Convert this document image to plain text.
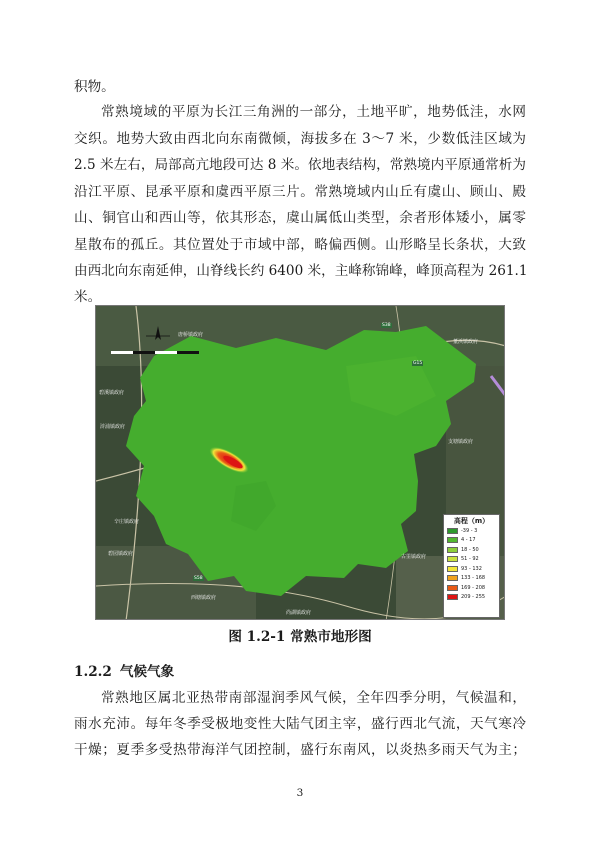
积物。
常熟境域的平原为长江三角洲的一部分，土地平旷，地势低洼，水网
交织。地势大致由西北向东南微倾，海拔多在 3～7 米，少数低洼区域为
2.5 米左右，局部高亢地段可达 8 米。依地表结构，常熟境内平原通常析为
沿江平原、昆承平原和虞西平原三片。常熟境域内山丘有虞山、顾山、殿
山、铜官山和西山等，依其形态，虞山属低山类型，余者形体矮小，属零
星散布的孤丘。其位置处于市域中部，略偏西侧。山形略呈长条状，大致
由西北向东南延伸，山脊线长约 6400 米，主峰称锦峰，峰顶高程为 261.1
米。
唐桥镇政府
董浜镇政府
碧溪镇政府
浒浦镇政府
支塘镇政府
辛庄镇政府
碧园镇政府
西塘镇政府
古里镇政府
尚湖镇政府
S38
G15
S58
高程（m）
-39 - 3
4 - 17
18 - 50
51 - 92
93 - 132
133 - 168
169 - 208
209 - 255
图 1.2-1 常熟市地形图
1.2.2 气候气象
常熟地区属北亚热带南部湿润季风气候，全年四季分明，气候温和，
雨水充沛。每年冬季受极地变性大陆气团主宰，盛行西北气流，天气寒冷
干燥；夏季多受热带海洋气团控制，盛行东南风，以炎热多雨天气为主；
3
